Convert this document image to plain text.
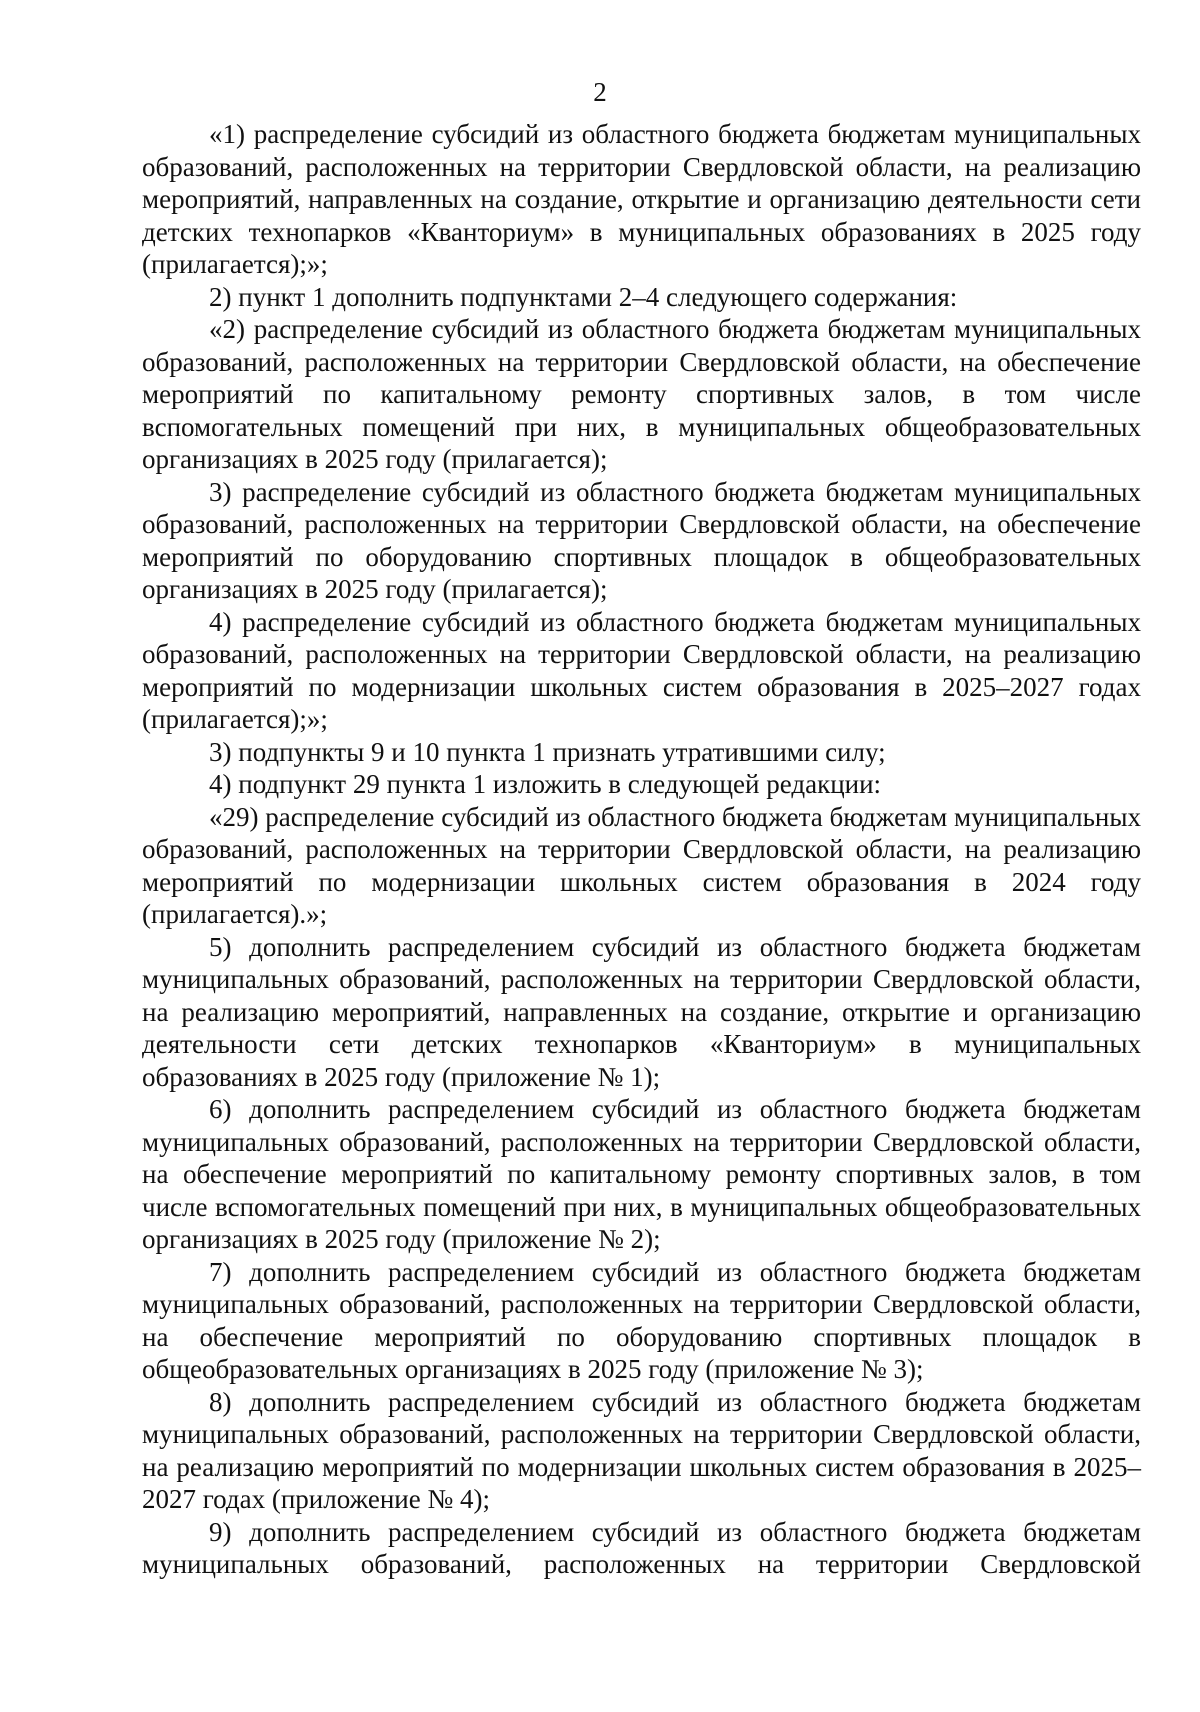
2

«1) распределение субсидий из областного бюджета бюджетам муниципальных образований, расположенных на территории Свердловской области, на реализацию мероприятий, направленных на создание, открытие и организацию деятельности сети детских технопарков «Кванториум» в муниципальных образованиях в 2025 году (прилагается);»;

2) пункт 1 дополнить подпунктами 2–4 следующего содержания:

«2) распределение субсидий из областного бюджета бюджетам муниципальных образований, расположенных на территории Свердловской области, на обеспечение мероприятий по капитальному ремонту спортивных залов, в том числе вспомогательных помещений при них, в муниципальных общеобразовательных организациях в 2025 году (прилагается);

3) распределение субсидий из областного бюджета бюджетам муниципальных образований, расположенных на территории Свердловской области, на обеспечение мероприятий по оборудованию спортивных площадок в общеобразовательных организациях в 2025 году (прилагается);

4) распределение субсидий из областного бюджета бюджетам муниципальных образований, расположенных на территории Свердловской области, на реализацию мероприятий по модернизации школьных систем образования в 2025–2027 годах (прилагается);»;

3) подпункты 9 и 10 пункта 1 признать утратившими силу;

4) подпункт 29 пункта 1 изложить в следующей редакции:

«29) распределение субсидий из областного бюджета бюджетам муниципальных образований, расположенных на территории Свердловской области, на реализацию мероприятий по модернизации школьных систем образования в 2024 году (прилагается).»;

5) дополнить распределением субсидий из областного бюджета бюджетам муниципальных образований, расположенных на территории Свердловской области, на реализацию мероприятий, направленных на создание, открытие и организацию деятельности сети детских технопарков «Кванториум» в муниципальных образованиях в 2025 году (приложение № 1);

6) дополнить распределением субсидий из областного бюджета бюджетам муниципальных образований, расположенных на территории Свердловской области, на обеспечение мероприятий по капитальному ремонту спортивных залов, в том числе вспомогательных помещений при них, в муниципальных общеобразовательных организациях в 2025 году (приложение № 2);

7) дополнить распределением субсидий из областного бюджета бюджетам муниципальных образований, расположенных на территории Свердловской области, на обеспечение мероприятий по оборудованию спортивных площадок в общеобразовательных организациях в 2025 году (приложение № 3);

8) дополнить распределением субсидий из областного бюджета бюджетам муниципальных образований, расположенных на территории Свердловской области, на реализацию мероприятий по модернизации школьных систем образования в 2025–2027 годах (приложение № 4);

9) дополнить распределением субсидий из областного бюджета бюджетам муниципальных образований, расположенных на территории Свердловской
